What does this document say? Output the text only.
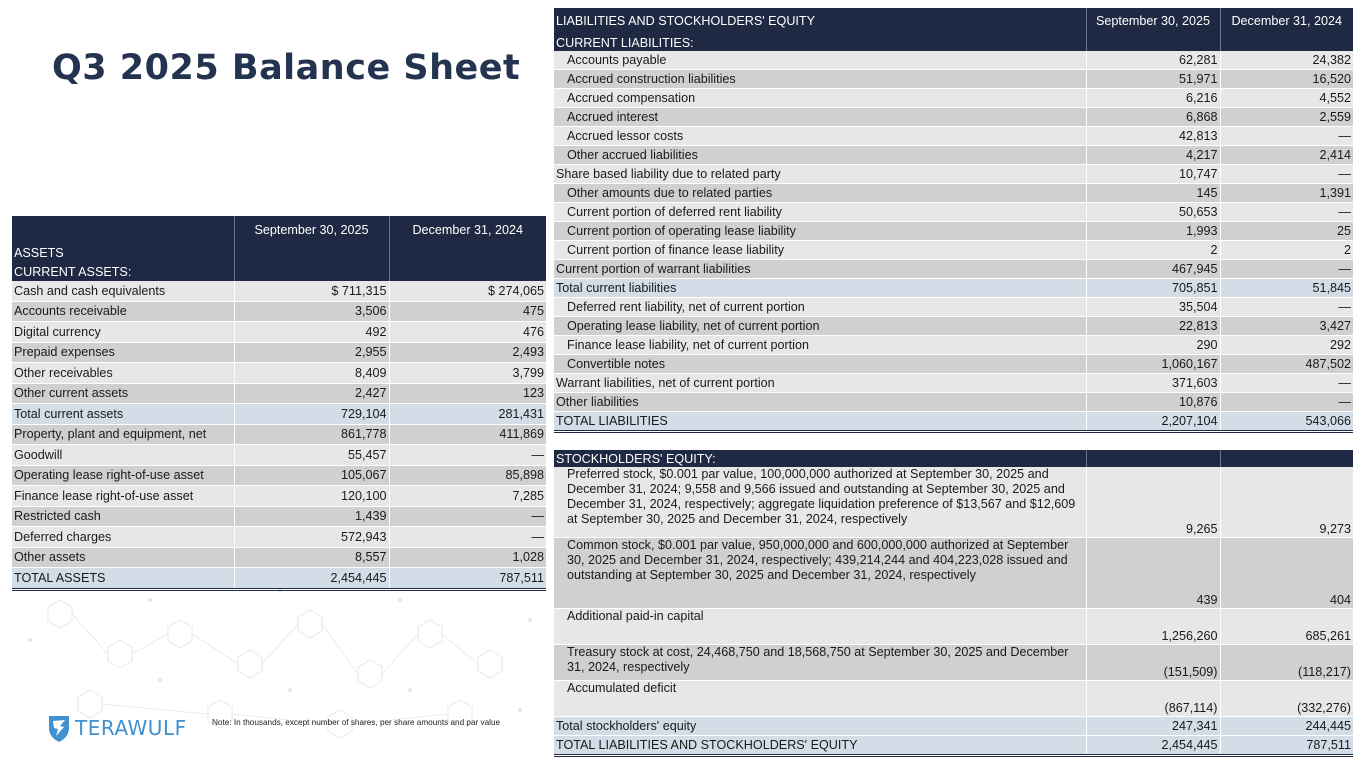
Q3 2025 Balance Sheet
	September 30, 2025	December 31, 2024
ASSETS		
CURRENT ASSETS:		
Cash and cash equivalents	$ 711,315	$ 274,065
Accounts receivable	3,506	475
Digital currency	492	476
Prepaid expenses	2,955	2,493
Other receivables	8,409	3,799
Other current assets	2,427	123
Total current assets	729,104	281,431
Property, plant and equipment, net	861,778	411,869
Goodwill	55,457	—
Operating lease right-of-use asset	105,067	85,898
Finance lease right-of-use asset	120,100	7,285
Restricted cash	1,439	—
Deferred charges	572,943	—
Other assets	8,557	1,028
TOTAL ASSETS	2,454,445	787,511
LIABILITIES AND STOCKHOLDERS' EQUITY	September 30, 2025	December 31, 2024
CURRENT LIABILITIES:		
Accounts payable	62,281	24,382
Accrued construction liabilities	51,971	16,520
Accrued compensation	6,216	4,552
Accrued interest	6,868	2,559
Accrued lessor costs	42,813	—
Other accrued liabilities	4,217	2,414
Share based liability due to related party	10,747	—
Other amounts due to related parties	145	1,391
Current portion of deferred rent liability	50,653	—
Current portion of operating lease liability	1,993	25
Current portion of finance lease liability	2	2
Current portion of warrant liabilities	467,945	—
Total current liabilities	705,851	51,845
Deferred rent liability, net of current portion	35,504	—
Operating lease liability, net of current portion	22,813	3,427
Finance lease liability, net of current portion	290	292
Convertible notes	1,060,167	487,502
Warrant liabilities, net of current portion	371,603	—
Other liabilities	10,876	—
TOTAL LIABILITIES	2,207,104	543,066

STOCKHOLDERS' EQUITY:		
Preferred stock, $0.001 par value, 100,000,000 authorized at September 30, 2025 and December 31, 2024; 9,558 and 9,566 issued and outstanding at September 30, 2025 and December 31, 2024, respectively; aggregate liquidation preference of $13,567 and $12,609 at September 30, 2025 and December 31, 2024, respectively	9,265	9,273
Common stock, $0.001 par value, 950,000,000 and 600,000,000 authorized at September 30, 2025 and December 31, 2024, respectively; 439,214,244 and 404,223,028 issued and outstanding at September 30, 2025 and December 31, 2024, respectively	439	404
Additional paid-in capital	1,256,260	685,261
Treasury stock at cost, 24,468,750 and 18,568,750 at September 30, 2025 and December 31, 2024, respectively	(151,509)	(118,217)
Accumulated deficit	(867,114)	(332,276)
Total stockholders' equity	247,341	244,445
TOTAL LIABILITIES AND STOCKHOLDERS' EQUITY	2,454,445	787,511
TERAWULF	Note: In thousands, except number of shares, per share amounts and par value
